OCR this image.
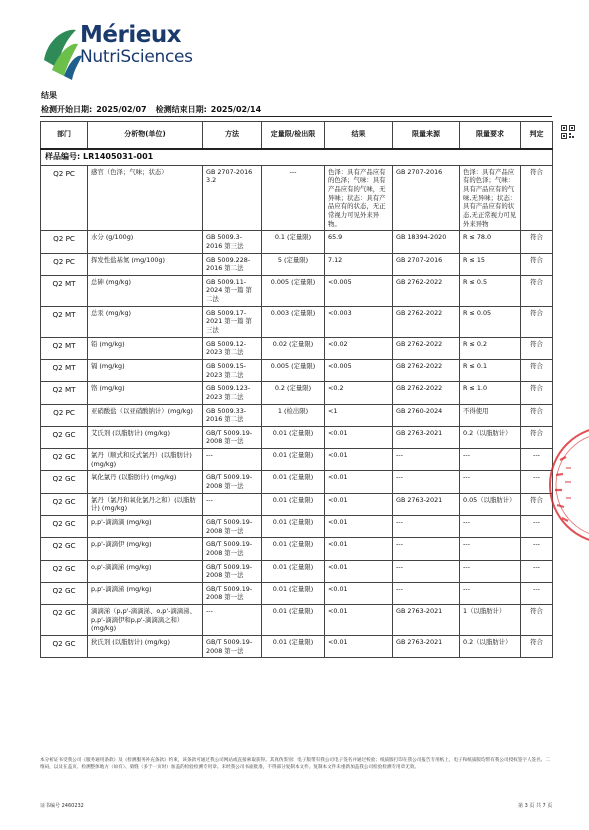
Mérieux
NutriSciences
结果
检测开始日期: 2025/02/07 检测结束日期: 2025/02/14
部门	分析物(单位)	方法	定量限/检出限	结果	限量来源	限量要求	判定
样品编号: LR1405031-001							
Q2 PC	感官（色泽；气味；状态）	GB 2707-2016 3.2	---	色泽：具有产品应有的色泽；气味：具有产品应有的气味，无异味；状态：具有产品应有的状态，无正常视力可见外来异物。	GB 2707-2016	色泽：具有产品应有的色泽；气味：具有产品应有的气味,无异味；状态：具有产品应有的状态,无正常视力可见外来异物	符合
Q2 PC	水分 (g/100g)	GB 5009.3-2016 第三法	0.1 (定量限)	65.9	GB 18394-2020	R ≤ 78.0	符合
Q2 PC	挥发性盐基氮 (mg/100g)	GB 5009.228-2016 第二法	5 (定量限)	7.12	GB 2707-2016	R ≤ 15	符合
Q2 MT	总砷 (mg/kg)	GB 5009.11-2024 第一篇 第二法	0.005 (定量限)	<0.005	GB 2762-2022	R ≤ 0.5	符合
Q2 MT	总汞 (mg/kg)	GB 5009.17-2021 第一篇 第三法	0.003 (定量限)	<0.003	GB 2762-2022	R ≤ 0.05	符合
Q2 MT	铅 (mg/kg)	GB 5009.12-2023 第二法	0.02 (定量限)	<0.02	GB 2762-2022	R ≤ 0.2	符合
Q2 MT	镉 (mg/kg)	GB 5009.15-2023 第二法	0.005 (定量限)	<0.005	GB 2762-2022	R ≤ 0.1	符合
Q2 MT	铬 (mg/kg)	GB 5009.123-2023 第二法	0.2 (定量限)	<0.2	GB 2762-2022	R ≤ 1.0	符合
Q2 PC	亚硝酸盐（以亚硝酸钠计）(mg/kg)	GB 5009.33-2016 第二法	1 (检出限)	<1	GB 2760-2024	不得使用	符合
Q2 GC	艾氏剂 (以脂肪计) (mg/kg)	GB/T 5009.19-2008 第一法	0.01 (定量限)	<0.01	GB 2763-2021	0.2（以脂肪计）	符合
Q2 GC	氯丹（顺式和反式氯丹）(以脂肪计) (mg/kg)	---	0.01 (定量限)	<0.01	---	---	---
Q2 GC	氧化氯丹 (以脂肪计) (mg/kg)	GB/T 5009.19-2008 第一法	0.01 (定量限)	<0.01	---	---	---
Q2 GC	氯丹（氯丹和氧化氯丹之和）(以脂肪计) (mg/kg)	---	0.01 (定量限)	<0.01	GB 2763-2021	0.05（以脂肪计）	符合
Q2 GC	p,p'-滴滴滴 (mg/kg)	GB/T 5009.19-2008 第一法	0.01 (定量限)	<0.01	---	---	---
Q2 GC	p,p'-滴滴伊 (mg/kg)	GB/T 5009.19-2008 第一法	0.01 (定量限)	<0.01	---	---	---
Q2 GC	o,p'-滴滴涕 (mg/kg)	GB/T 5009.19-2008 第一法	0.01 (定量限)	<0.01	---	---	---
Q2 GC	p,p'-滴滴涕 (mg/kg)	GB/T 5009.19-2008 第一法	0.01 (定量限)	<0.01	---	---	---
Q2 GC	滴滴涕（p,p'-滴滴涕、o,p'-滴滴涕、p,p'-滴滴伊和p,p'-滴滴滴之和）(mg/kg)	---	0.01 (定量限)	<0.01	GB 2763-2021	1（以脂肪计）	符合
Q2 GC	狄氏剂 (以脂肪计) (mg/kg)	GB/T 5009.19-2008 第一法	0.01 (定量限)	<0.01	GB 2763-2021	0.2（以脂肪计）	符合
本分析证书受我公司《服务通用条款》及《检测服务补充条款》约束，该条款可通过我公司网站或直接索取获得。其真伪鉴别：电子版带有我公司电子签名并通过校验；纸质版打印在我公司报告专用纸上，电子和纸质版均带有我公司授权签字人签名、二维码，以及在盖页、检测整体地方（如有）、骑缝（多于一页时）加盖的检验检测专用章。未经我公司书面批准，不得部分复制本文件。复制本文件未重新加盖我公司检验检测专用章无效。
证书编号 2460232	第 3 页 共 7 页
